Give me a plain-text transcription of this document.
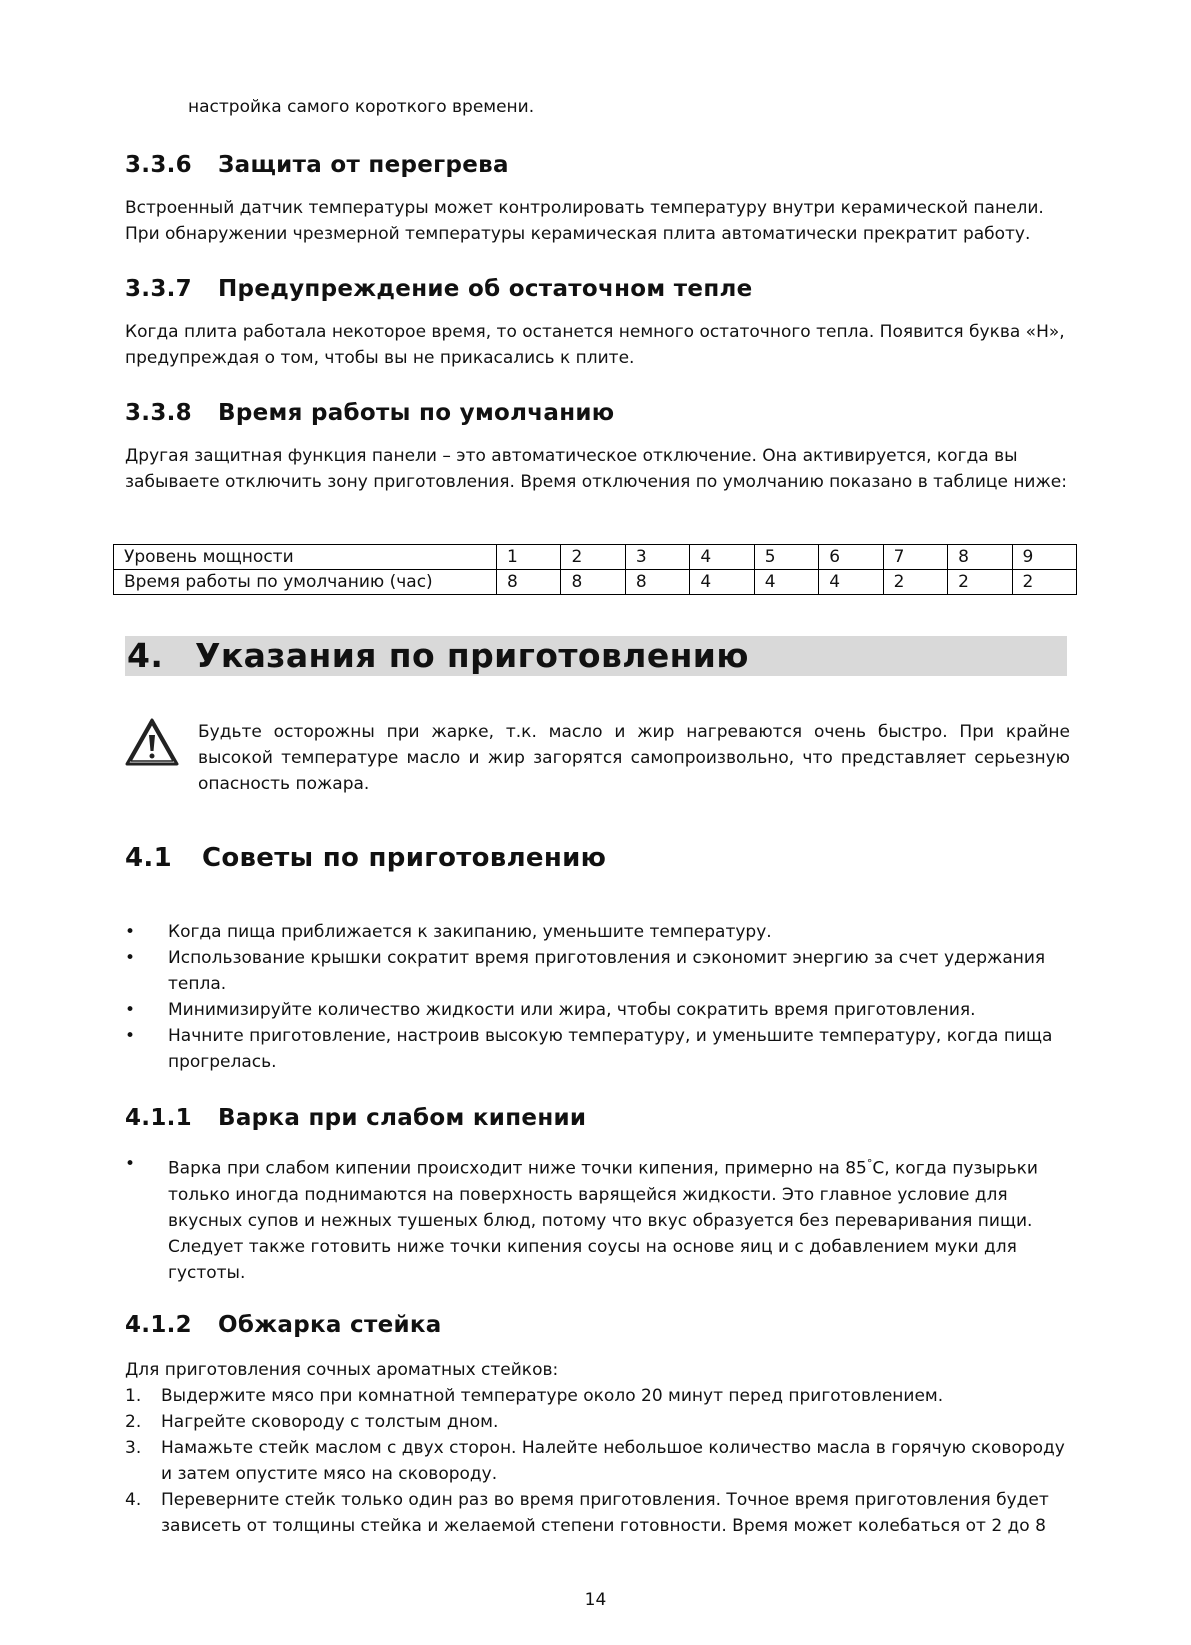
настройка самого короткого времени.

3.3.6 Защита от перегрева

Встроенный датчик температуры может контролировать температуру внутри керамической панели. При обнаружении чрезмерной температуры керамическая плита автоматически прекратит работу.

3.3.7 Предупреждение об остаточном тепле

Когда плита работала некоторое время, то останется немного остаточного тепла. Появится буква «H», предупреждая о том, чтобы вы не прикасались к плите.

3.3.8 Время работы по умолчанию

Другая защитная функция панели – это автоматическое отключение. Она активируется, когда вы забываете отключить зону приготовления. Время отключения по умолчанию показано в таблице ниже:

Уровень мощности	1	2	3	4	5	6	7	8	9
Время работы по умолчанию (час)	8	8	8	4	4	4	2	2	2
4. Указания по приготовлению

Будьте осторожны при жарке, т.к. масло и жир нагреваются очень быстро. При крайне высокой температуре масло и жир загорятся самопроизвольно, что представляет серьезную опасность пожара.

4.1 Советы по приготовлению
• Когда пища приближается к закипанию, уменьшите температуру.
• Использование крышки сократит время приготовления и сэкономит энергию за счет удержания тепла.
• Минимизируйте количество жидкости или жира, чтобы сократить время приготовления.
• Начните приготовление, настроив высокую температуру, и уменьшите температуру, когда пища прогрелась.
4.1.1 Варка при слабом кипении
• Варка при слабом кипении происходит ниже точки кипения, примерно на 85°C, когда пузырьки только иногда поднимаются на поверхность варящейся жидкости. Это главное условие для вкусных супов и нежных тушеных блюд, потому что вкус образуется без переваривания пищи. Следует также готовить ниже точки кипения соусы на основе яиц и с добавлением муки для густоты.
4.1.2 Обжарка стейка

Для приготовления сочных ароматных стейков:

1. Выдержите мясо при комнатной температуре около 20 минут перед приготовлением.
2. Нагрейте сковороду с толстым дном.
3. Намажьте стейк маслом с двух сторон. Налейте небольшое количество масла в горячую сковороду и затем опустите мясо на сковороду.
4. Переверните стейк только один раз во время приготовления. Точное время приготовления будет зависеть от толщины стейка и желаемой степени готовности. Время может колебаться от 2 до 8
14
